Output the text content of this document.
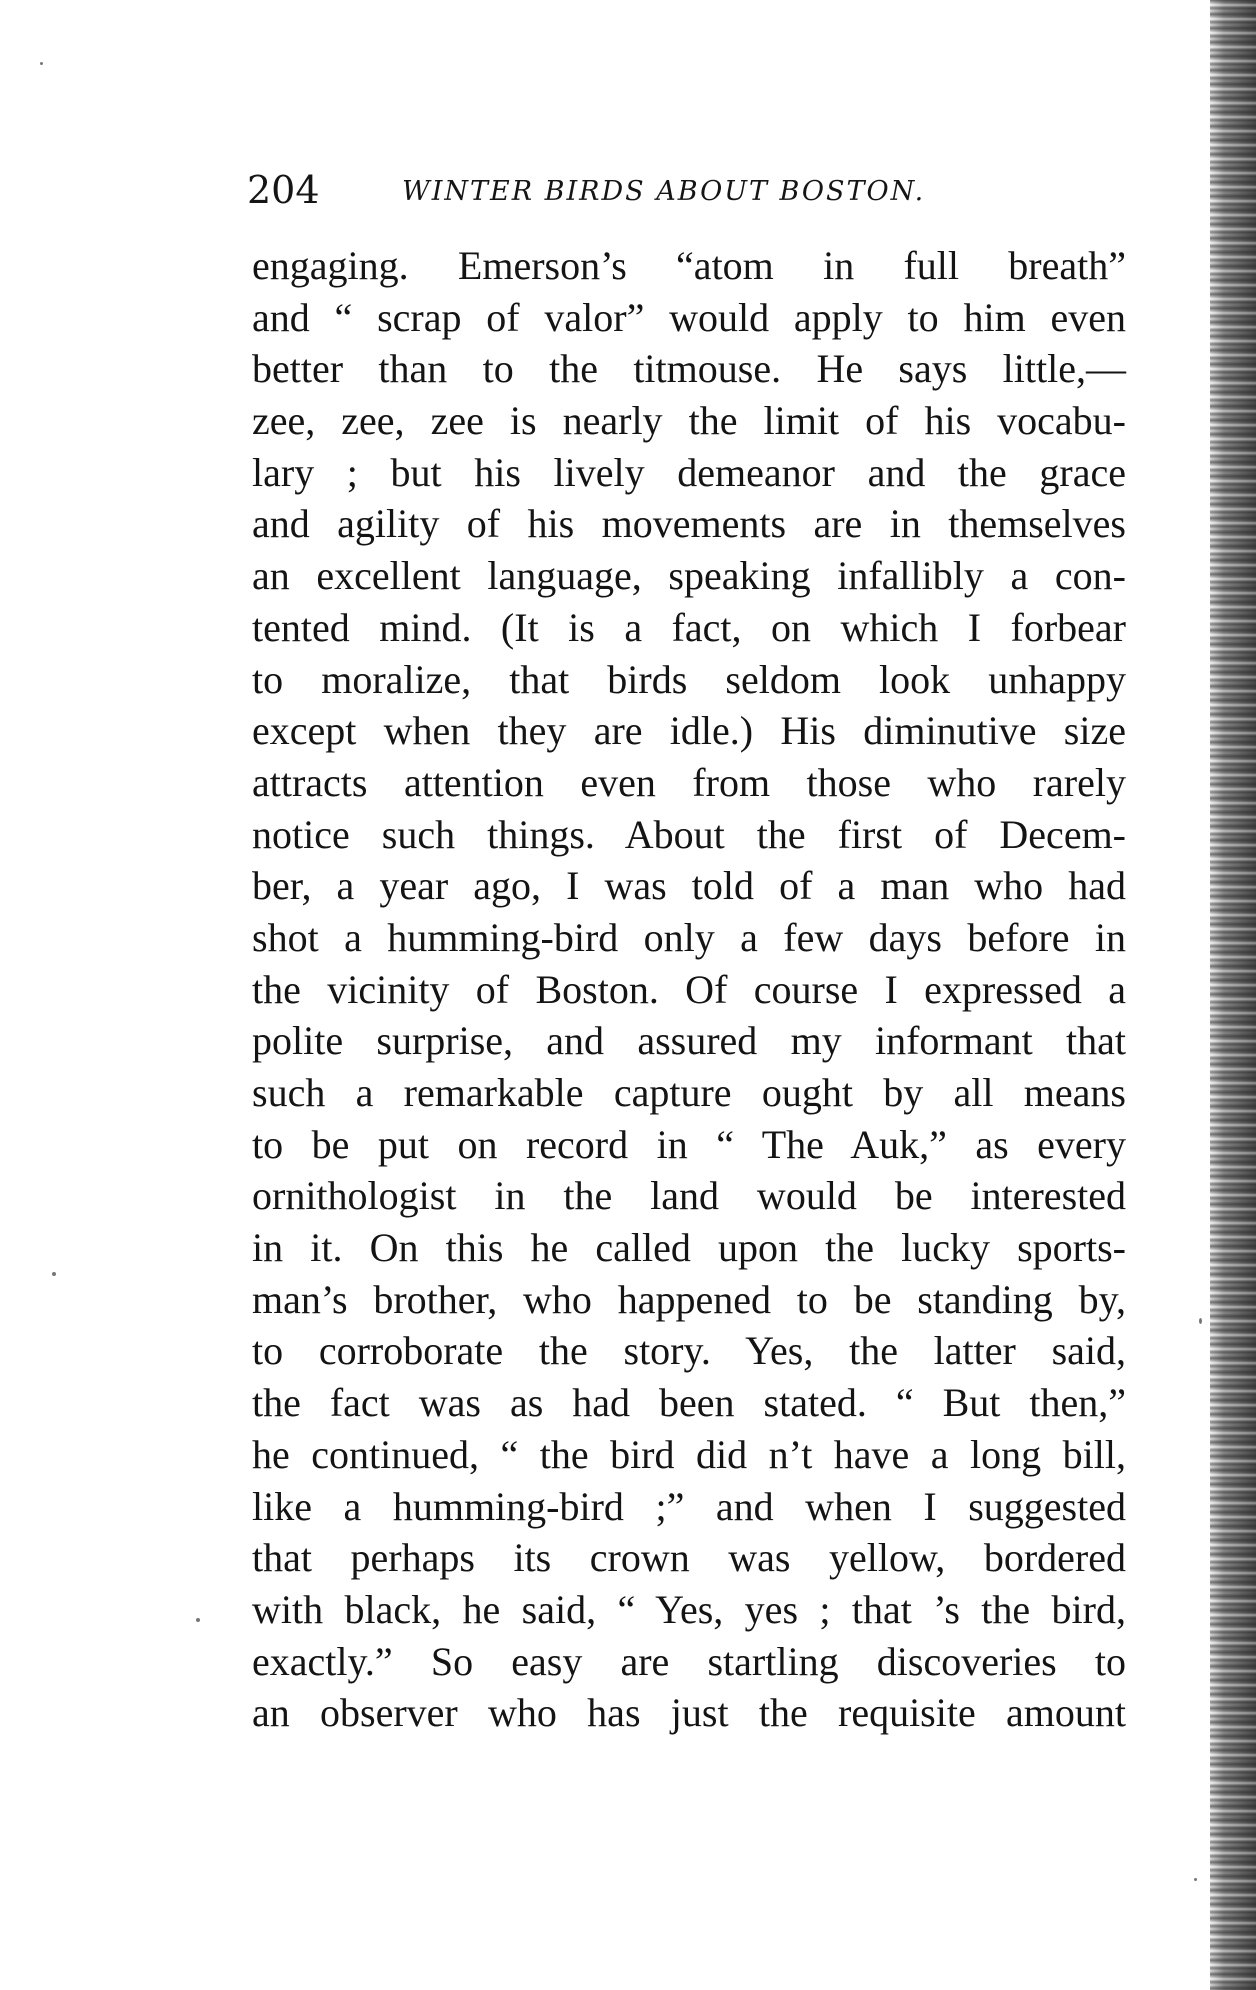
204	WINTER BIRDS ABOUT BOSTON.
engaging. Emerson’s “atom in full breath”
and “ scrap of valor” would apply to him even
better than to the titmouse. He says little,—
zee, zee, zee is nearly the limit of his vocabu-
lary ; but his lively demeanor and the grace
and agility of his movements are in themselves
an excellent language, speaking infallibly a con-
tented mind. (It is a fact, on which I forbear
to moralize, that birds seldom look unhappy
except when they are idle.) His diminutive size
attracts attention even from those who rarely
notice such things. About the first of Decem-
ber, a year ago, I was told of a man who had
shot a humming-bird only a few days before in
the vicinity of Boston. Of course I expressed a
polite surprise, and assured my informant that
such a remarkable capture ought by all means
to be put on record in “ The Auk,” as every
ornithologist in the land would be interested
in it. On this he called upon the lucky sports-
man’s brother, who happened to be standing by,
to corroborate the story. Yes, the latter said,
the fact was as had been stated. “ But then,”
he continued, “ the bird did n’t have a long bill,
like a humming-bird ;” and when I suggested
that perhaps its crown was yellow, bordered
with black, he said, “ Yes, yes ; that ’s the bird,
exactly.” So easy are startling discoveries to
an observer who has just the requisite amount
